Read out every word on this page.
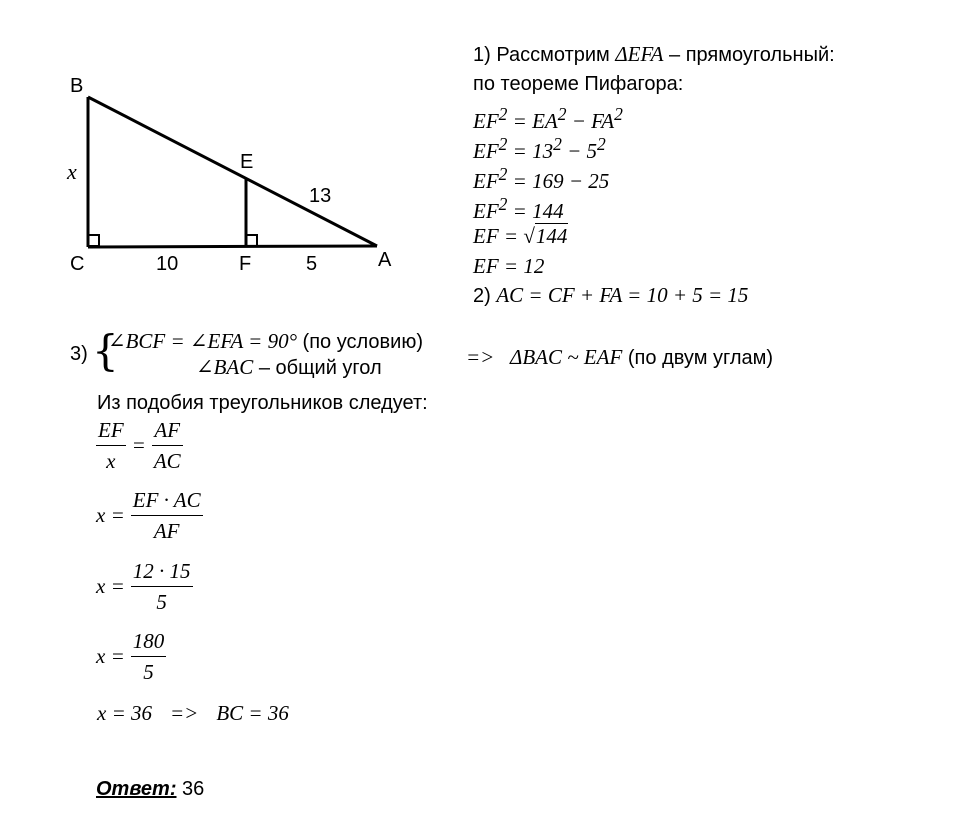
B
x	E
13
C	10	F	5	A
1) Рассмотрим ΔEFA – прямоугольный:
по теореме Пифагора:
$EF^2 = EA^2 - FA^2$
$EF^2 = 13^2 - 5^2$
$EF^2 = 169 - 25$
$EF^2 = 144$
EF = √144
EF = 12
2) AC = CF + FA = 10 + 5 = 15
3) {
∠BCF = ∠EFA = 90° (по условию)
∠BAC – общий угол	=> ΔBAC ~ EAF (по двум углам)
Из подобия треугольников следует:
$\frac{EF}{x} = \frac{AF}{AC}$
$x = \frac{EF \cdot AC}{AF}$
$x = \frac{12 \cdot 15}{5}$
$x = \frac{180}{5}$
x = 36 => BC = 36
Ответ: 36
